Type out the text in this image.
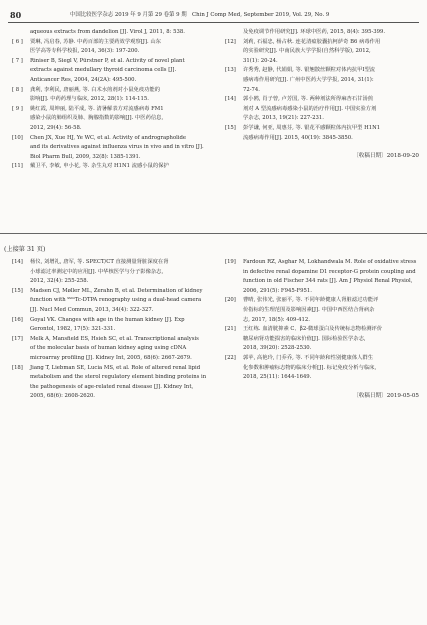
80	中国比较医学杂志 2019 年 9 月第 29 卷第 9 期　Chin J Comp Med, September 2019, Vol. 29, No. 9
aqueous extracts from dandelion [J]. Virol J, 2011, 8: 538.
[ 6 ] 贾琳, 冯启春, 苏静. 中药百部的主要药效学观察[J]. 山东
医学高等专科学校报, 2014, 36(3): 197-200.
[ 7 ] Riniser B, Siegl V, Pürstner P, et al. Activity of novel plant
extracts against medullary thyroid carcinoma cells [J].
Anticancer Res, 2004, 24(2A): 495-500.
[ 8 ] 龚利, 李利民, 唐丽燕, 等. 白术水煎剂对小鼠免疫功能的
影响[J]. 中药药理与临床, 2012, 28(1): 114-115.
[ 9 ] 姚红霞, 周坤丽, 陆平成, 等. 清暑解表方对流感病毒 FM1
感染小鼠的肺组织及肺、胸腺指数的影响[J]. 中医药信息,
2012, 29(4): 56-58.
[10] Chen JX, Xue HJ, Ye WC, et al. Activity of andrographolide
and its derivatives against influenza virus in vivo and in vitro [J].
Biol Pharm Bull, 2009, 32(8): 1385-1391.
[11] 戴卫平, 李敏, 申小花, 等. 杂生丸对 H1N1 流感小鼠的保护
及免疫调节作用研究[J]. 环球中医药, 2015, 8(4): 395-399.
[12] 刘莉, 石福忠, 杨占秋. 连花清瘟胶囊抗柯萨奇 B6 病毒作用
的实验研究[J]. 中南民族大学学报(自然科学版), 2012,
31(1): 20-24.
[13] 许秀秀, 赵静, 代娟娟, 等. 银翘散丝颗粒对体内抗甲Ⅰ型流
感病毒作用研究[J]. 广州中医药大学学报, 2014, 31(1):
72-74.
[14] 郭小鸥, 肖子曾, 卢芳国, 等. 两种剂法所得麻杏石甘汤煎
剂对 A 型流感病毒感染小鼠的治疗作用[J]. 中国实验方剂
学杂志, 2013, 19(21): 227-231.
[15] 彭学谦, 何亚, 周惠芬, 等. 银花平感颗粒体内抗甲型 H1N1
流感病毒作用[J]. 2015, 40(19): 3845-3850.
〔收稿日期〕2018-09-20
(上接第 31 页)
[14] 杨仪, 刘增礼, 唐军, 等. SPECT/CT 直接测量肾脏深度在肾
小球滤过率测定中的应用[J]. 中华核医学与分子影像杂志,
2012, 32(4): 255-258.
[15] Madsen CJ, Møller ML, Zerahn B, et al. Determination of kidney
function with ⁹⁹ᵐTc-DTPA renography using a dual-head camera
[J]. Nucl Med Commun, 2013, 34(4): 322-327.
[16] Goyal VK. Changes with age in the human kidney [J]. Exp
Gerontol, 1982, 17(5): 321-331.
[17] Melk A, Mansfield ES, Hsieh SC, et al. Transcriptional analysis
of the molecular basis of human kidney aging using cDNA
microarray profiling [J]. Kidney Int, 2005, 68(6): 2667-2679.
[18] Jiang T, Liebman SE, Lucia MS, et al. Role of altered renal lipid
metabolism and the sterol regulatory element binding proteins in
the pathogenesis of age-related renal disease [J]. Kidney Int,
2005, 68(6): 2608-2620.
[19] Fardoun RZ, Asghar M, Lokhandwala M. Role of oxidative stress
in defective renal dopamine D1 receptor-G protein coupling and
function in old Fischer 344 rats [J]. Am J Physiol Renal Physiol,
2006, 291(5): F945-F951.
[20] 曹晴, 张伟光, 张丽平, 等. 不同年龄健康人肾脏滤过功能评
价指标的生理范围及影响因素[J]. 中国中西医结合肾病杂
志, 2017, 18(5): 409-412.
[21] 王红练. 血清胱抑素 C、β2-微球蛋白及传统标志物检测评价
糖尿病肾功能损害的临床价值[J]. 国际检验医学杂志,
2018, 39(20): 2528-2530.
[22] 郭苹, 高艳玲, 门乔乔, 等. 不同年龄和性别健康体人群生
化参数和肿瘤标志物的临床分析[J]. 标记免疫分析与临床,
2018, 25(11): 1644-1649.
〔收稿日期〕2019-05-05
